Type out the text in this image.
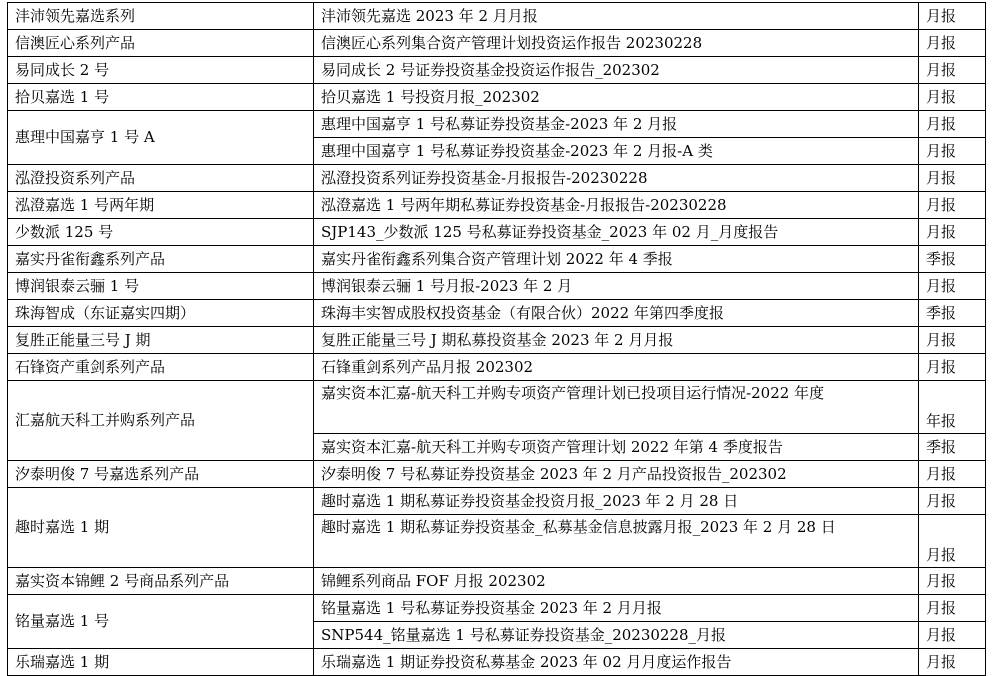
沣沛领先嘉选系列	沣沛领先嘉选 2023 年 2 月月报	月报
信澳匠心系列产品	信澳匠心系列集合资产管理计划投资运作报告 20230228	月报
易同成长 2 号	易同成长 2 号证券投资基金投资运作报告_202302	月报
拾贝嘉选 1 号	拾贝嘉选 1 号投资月报_202302	月报
惠理中国嘉亨 1 号 A	惠理中国嘉亨 1 号私募证券投资基金-2023 年 2 月报	月报
	惠理中国嘉亨 1 号私募证券投资基金-2023 年 2 月报-A 类	月报
泓澄投资系列产品	泓澄投资系列证券投资基金-月报报告-20230228	月报
泓澄嘉选 1 号两年期	泓澄嘉选 1 号两年期私募证券投资基金-月报报告-20230228	月报
少数派 125 号	SJP143_少数派 125 号私募证券投资基金_2023 年 02 月_月度报告	月报
嘉实丹雀衔鑫系列产品	嘉实丹雀衔鑫系列集合资产管理计划 2022 年 4 季报	季报
博润银泰云骊 1 号	博润银泰云骊 1 号月报-2023 年 2 月	月报
珠海智成（东证嘉实四期）	珠海丰实智成股权投资基金（有限合伙）2022 年第四季度报	季报
复胜正能量三号 J 期	复胜正能量三号 J 期私募投资基金 2023 年 2 月月报	月报
石锋资产重剑系列产品	石锋重剑系列产品月报 202302	月报
汇嘉航天科工并购系列产品	嘉实资本汇嘉-航天科工并购专项资产管理计划已投项目运行情况-2022 年度	年报
	嘉实资本汇嘉-航天科工并购专项资产管理计划 2022 年第 4 季度报告	季报
汐泰明俊 7 号嘉选系列产品	汐泰明俊 7 号私募证券投资基金 2023 年 2 月产品投资报告_202302	月报
趣时嘉选 1 期	趣时嘉选 1 期私募证券投资基金投资月报_2023 年 2 月 28 日	月报
	趣时嘉选 1 期私募证券投资基金_私募基金信息披露月报_2023 年 2 月 28 日	月报
嘉实资本锦鲤 2 号商品系列产品	锦鲤系列商品 FOF 月报 202302	月报
铭量嘉选 1 号	铭量嘉选 1 号私募证券投资基金 2023 年 2 月月报	月报
	SNP544_铭量嘉选 1 号私募证券投资基金_20230228_月报	月报
乐瑞嘉选 1 期	乐瑞嘉选 1 期证券投资私募基金 2023 年 02 月月度运作报告	月报
